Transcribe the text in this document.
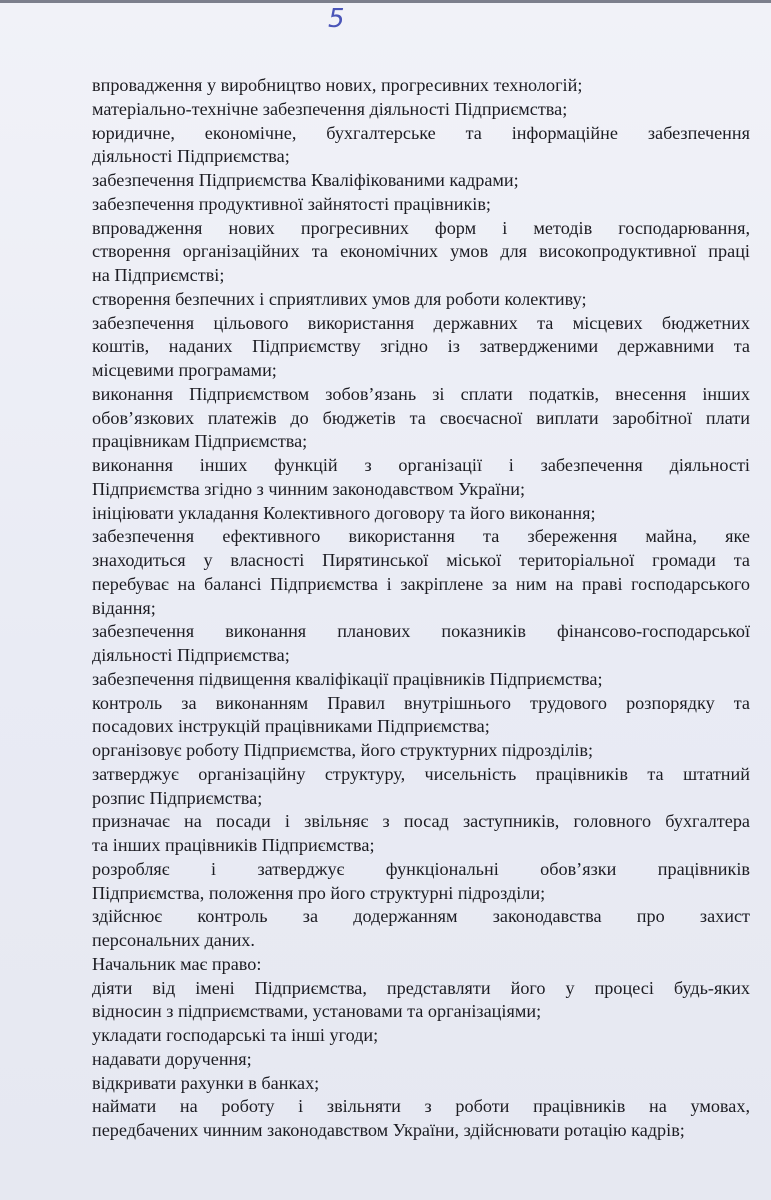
5

впровадження у виробництво нових, прогресивних технологій;

матеріально-технічне забезпечення діяльності Підприємства;

юридичне, економічне, бухгалтерське та інформаційне забезпечення
діяльності Підприємства;

забезпечення Підприємства Кваліфікованими кадрами;

забезпечення продуктивної зайнятості працівників;

впровадження нових прогресивних форм і методів господарювання,
створення організаційних та економічних умов для високопродуктивної праці
на Підприємстві;

створення безпечних і сприятливих умов для роботи колективу;

забезпечення цільового використання державних та місцевих бюджетних
коштів, наданих Підприємству згідно із затвердженими державними та
місцевими програмами;

виконання Підприємством зобов’язань зі сплати податків, внесення інших
обов’язкових платежів до бюджетів та своєчасної виплати заробітної плати
працівникам Підприємства;

виконання інших функцій з організації і забезпечення діяльності
Підприємства згідно з чинним законодавством України;

ініціювати укладання Колективного договору та його виконання;

забезпечення ефективного використання та збереження майна, яке
знаходиться у власності Пирятинської міської територіальної громади та
перебуває на балансі Підприємства і закріплене за ним на праві господарського
відання;

забезпечення виконання планових показників фінансово-господарської
діяльності Підприємства;

забезпечення підвищення кваліфікації працівників Підприємства;

контроль за виконанням Правил внутрішнього трудового розпорядку та
посадових інструкцій працівниками Підприємства;

організовує роботу Підприємства, його структурних підрозділів;

затверджує організаційну структуру, чисельність працівників та штатний
розпис Підприємства;

призначає на посади і звільняє з посад заступників, головного бухгалтера
та інших працівників Підприємства;

розробляє і затверджує функціональні обов’язки працівників
Підприємства, положення про його структурні підрозділи;

здійснює контроль за додержанням законодавства про захист
персональних даних.

Начальник має право:

діяти від імені Підприємства, представляти його у процесі будь-яких
відносин з підприємствами, установами та організаціями;

укладати господарські та інші угоди;

надавати доручення;

відкривати рахунки в банках;

наймати на роботу і звільняти з роботи працівників на умовах,
передбачених чинним законодавством України, здійснювати ротацію кадрів;
